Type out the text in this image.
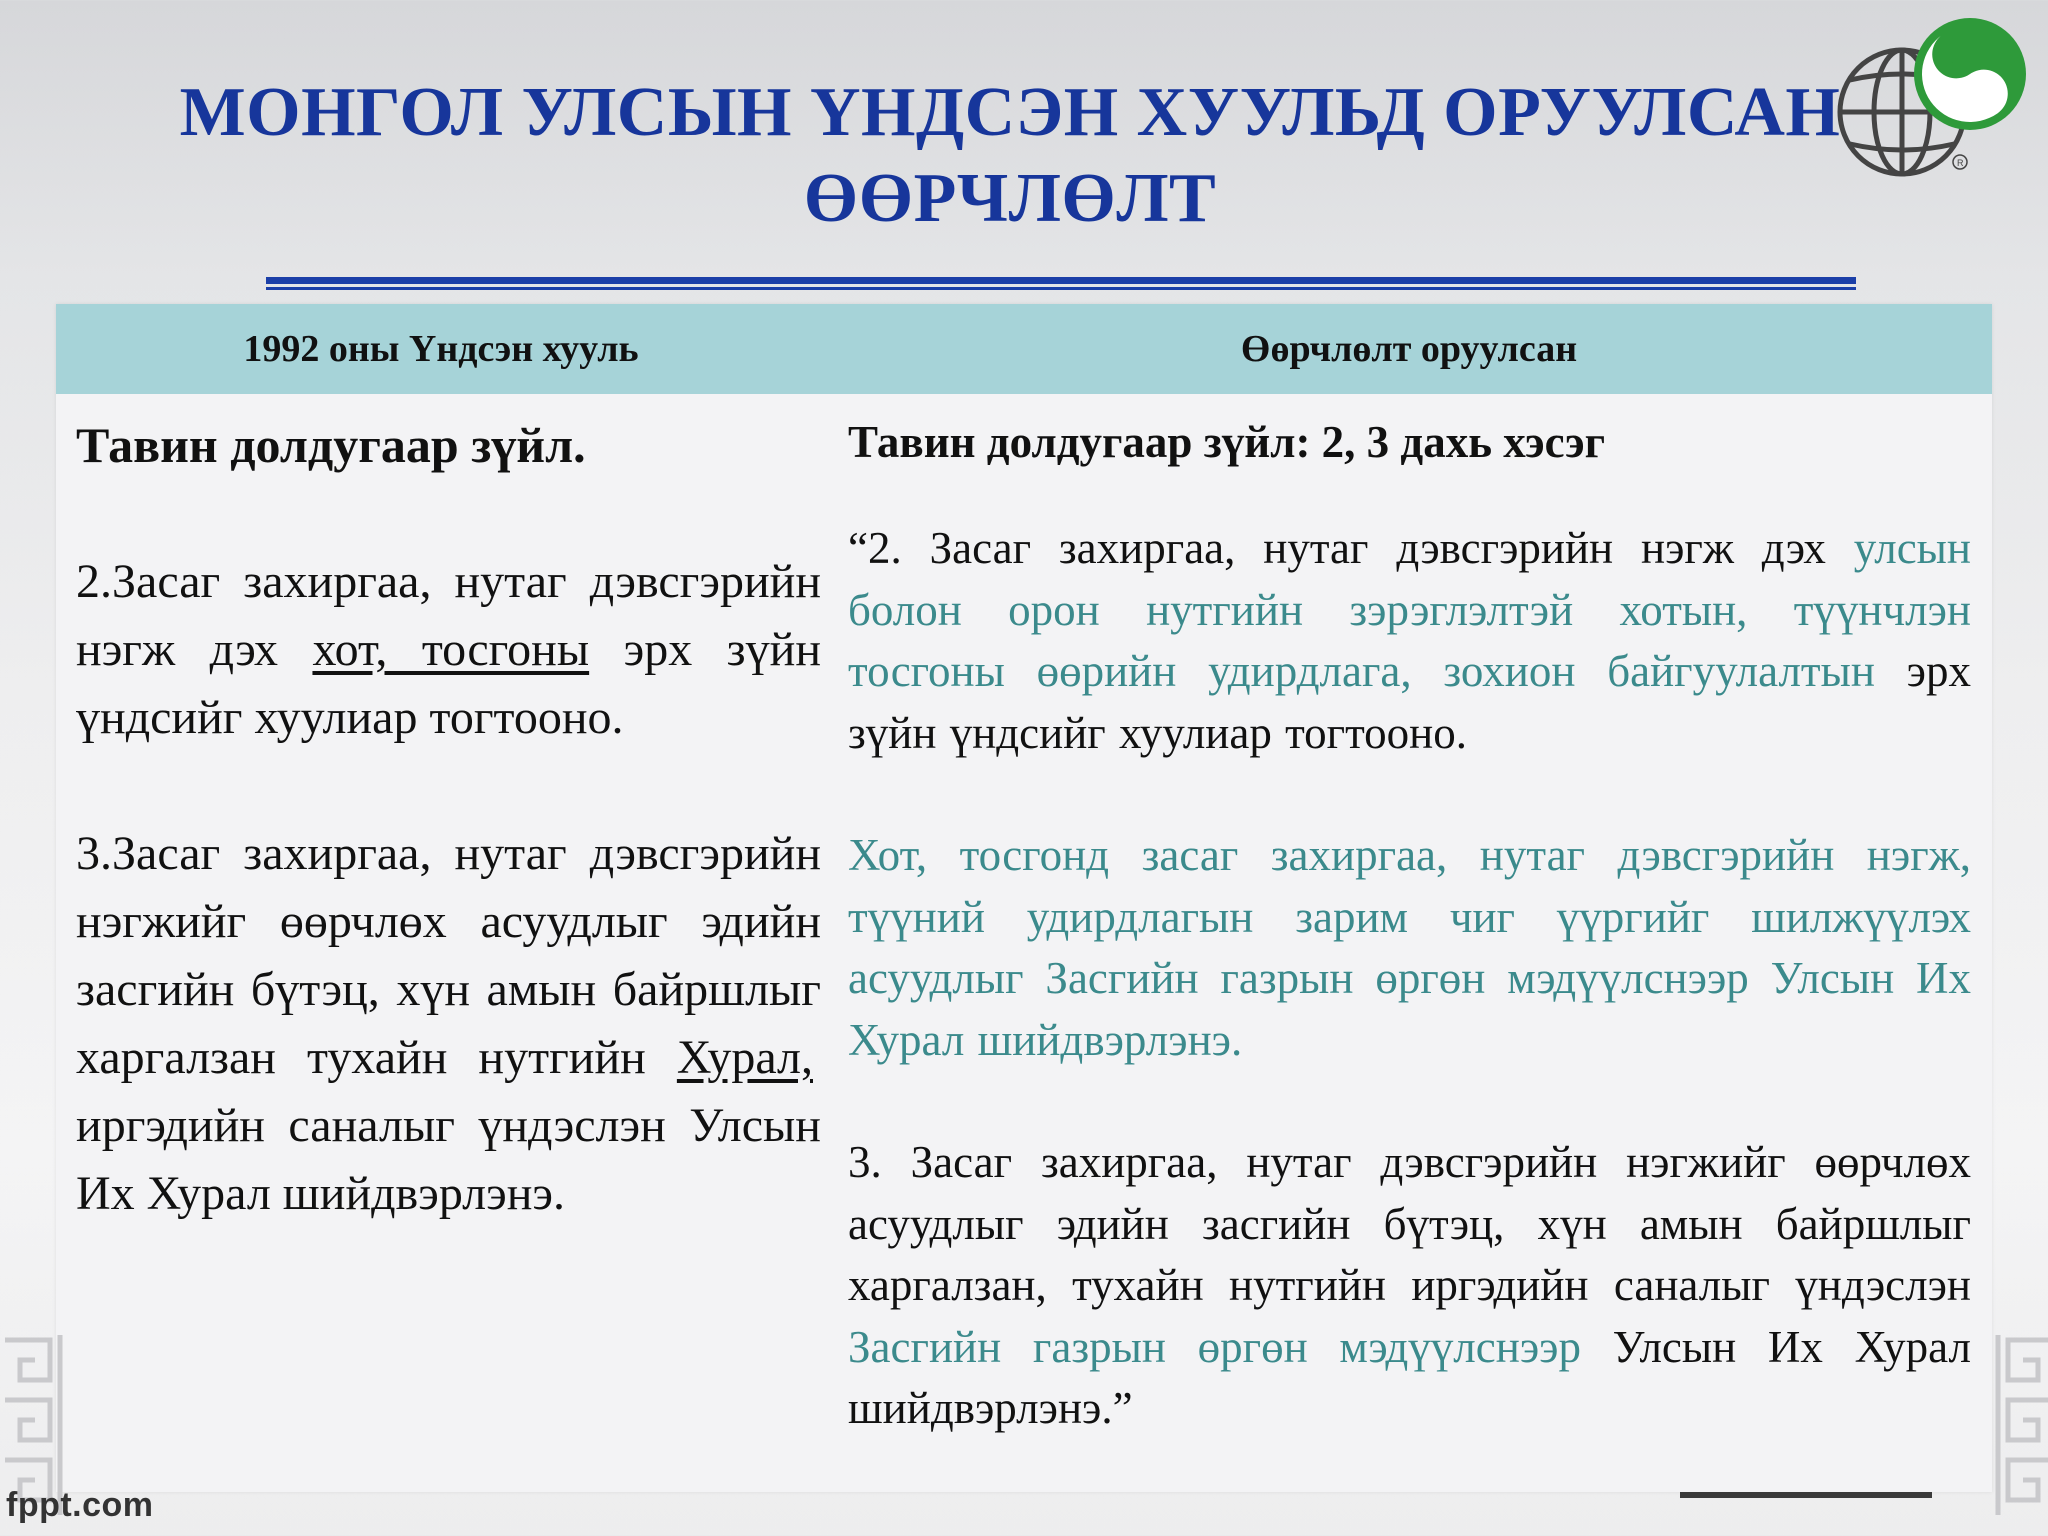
МОНГОЛ УЛСЫН ҮНДСЭН ХУУЛЬД ОРУУЛСАН
ӨӨРЧЛӨЛТ	R
1992 оны Үндсэн хууль	Өөрчлөлт оруулсан

Тавин долдугаар зүйл.

2.Засаг захиргаа, нутаг дэвсгэрийн нэгж дэх хот, тосгоны эрх зүйн үндсийг хуулиар тогтооно.

3.Засаг захиргаа, нутаг дэвсгэрийн нэгжийг өөрчлөх асуудлыг эдийн засгийн бүтэц, хүн амын байршлыг харгалзан тухайн нутгийн Хурал, иргэдийн саналыг үндэслэн Улсын Их Хурал шийдвэрлэнэ.

Тавин долдугаар зүйл: 2, 3 дахь хэсэг

“2. Засаг захиргаа, нутаг дэвсгэрийн нэгж дэх улсын болон орон нутгийн зэрэглэлтэй хотын, түүнчлэн тосгоны өөрийн удирдлага, зохион байгуулалтын эрх зүйн үндсийг хуулиар тогтооно.

Хот, тосгонд засаг захиргаа, нутаг дэвсгэрийн нэгж, түүний удирдлагын зарим чиг үүргийг шилжүүлэх асуудлыг Засгийн газрын өргөн мэдүүлснээр Улсын Их Хурал шийдвэрлэнэ.

3. Засаг захиргаа, нутаг дэвсгэрийн нэгжийг өөрчлөх асуудлыг эдийн засгийн бүтэц, хүн амын байршлыг харгалзан, тухайн нутгийн иргэдийн саналыг үндэслэн Засгийн газрын өргөн мэдүүлснээр Улсын Их Хурал шийдвэрлэнэ.”

fppt.com
